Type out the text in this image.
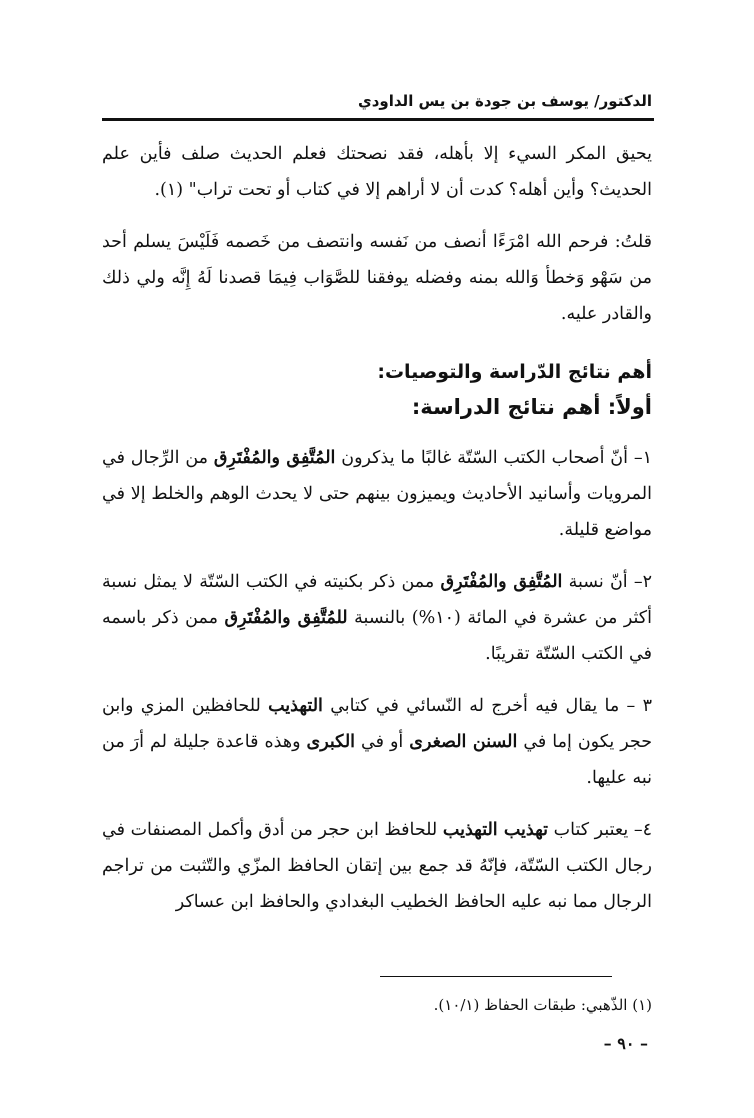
الدكتور/ يوسف بن جودة بن يس الداودي

يحيق المكر السيء إلا بأهله، فقد نصحتك فعلم الحديث صلف فأين علم الحديث؟ وأين أهله؟ كدت أن لا أراهم إلا في كتاب أو تحت تراب" (١).

قلتُ: فرحم الله امْرَءًا أنصف من نَفسه وانتصف من خَصمه فَلَيْسَ يسلم أحد من سَهْو وَخطأ وَالله بمنه وفضله يوفقنا للصَّوَاب فِيمَا قصدنا لَهُ إِنَّه ولي ذلك والقادر عليه.

أهم نتائج الدّراسة والتوصيات:
أولاً: أهم نتائج الدراسة:

١– أنّ أصحاب الكتب السّتّة غالبًا ما يذكرون المُتَّفِق والمُفْتَرِق من الرِّجال في المرويات وأسانيد الأحاديث ويميزون بينهم حتى لا يحدث الوهم والخلط إلا في مواضع قليلة.

٢– أنّ نسبة المُتَّفِق والمُفْتَرِق ممن ذكر بكنيته في الكتب السّتّة لا يمثل نسبة أكثر من عشرة في المائة (١٠%) بالنسبة للمُتَّفِق والمُفْتَرِق ممن ذكر باسمه في الكتب السّتّة تقريبًا.

٣ – ما يقال فيه أخرج له النّسائي في كتابي التهذيب للحافظين المزي وابن حجر يكون إما في السنن الصغرى أو في الكبرى وهذه قاعدة جليلة لم أرَ من نبه عليها.

٤– يعتبر كتاب تهذيب التهذيب للحافظ ابن حجر من أدق وأكمل المصنفات في رجال الكتب السّتّة، فإنّهُ قد جمع بين إتقان الحافظ المزّي والتّثبت من تراجم الرجال مما نبه عليه الحافظ الخطيب البغدادي والحافظ ابن عساكر

(١) الذّهبي: طبقات الحفاظ (١٠/١).
– ٩٠ –
